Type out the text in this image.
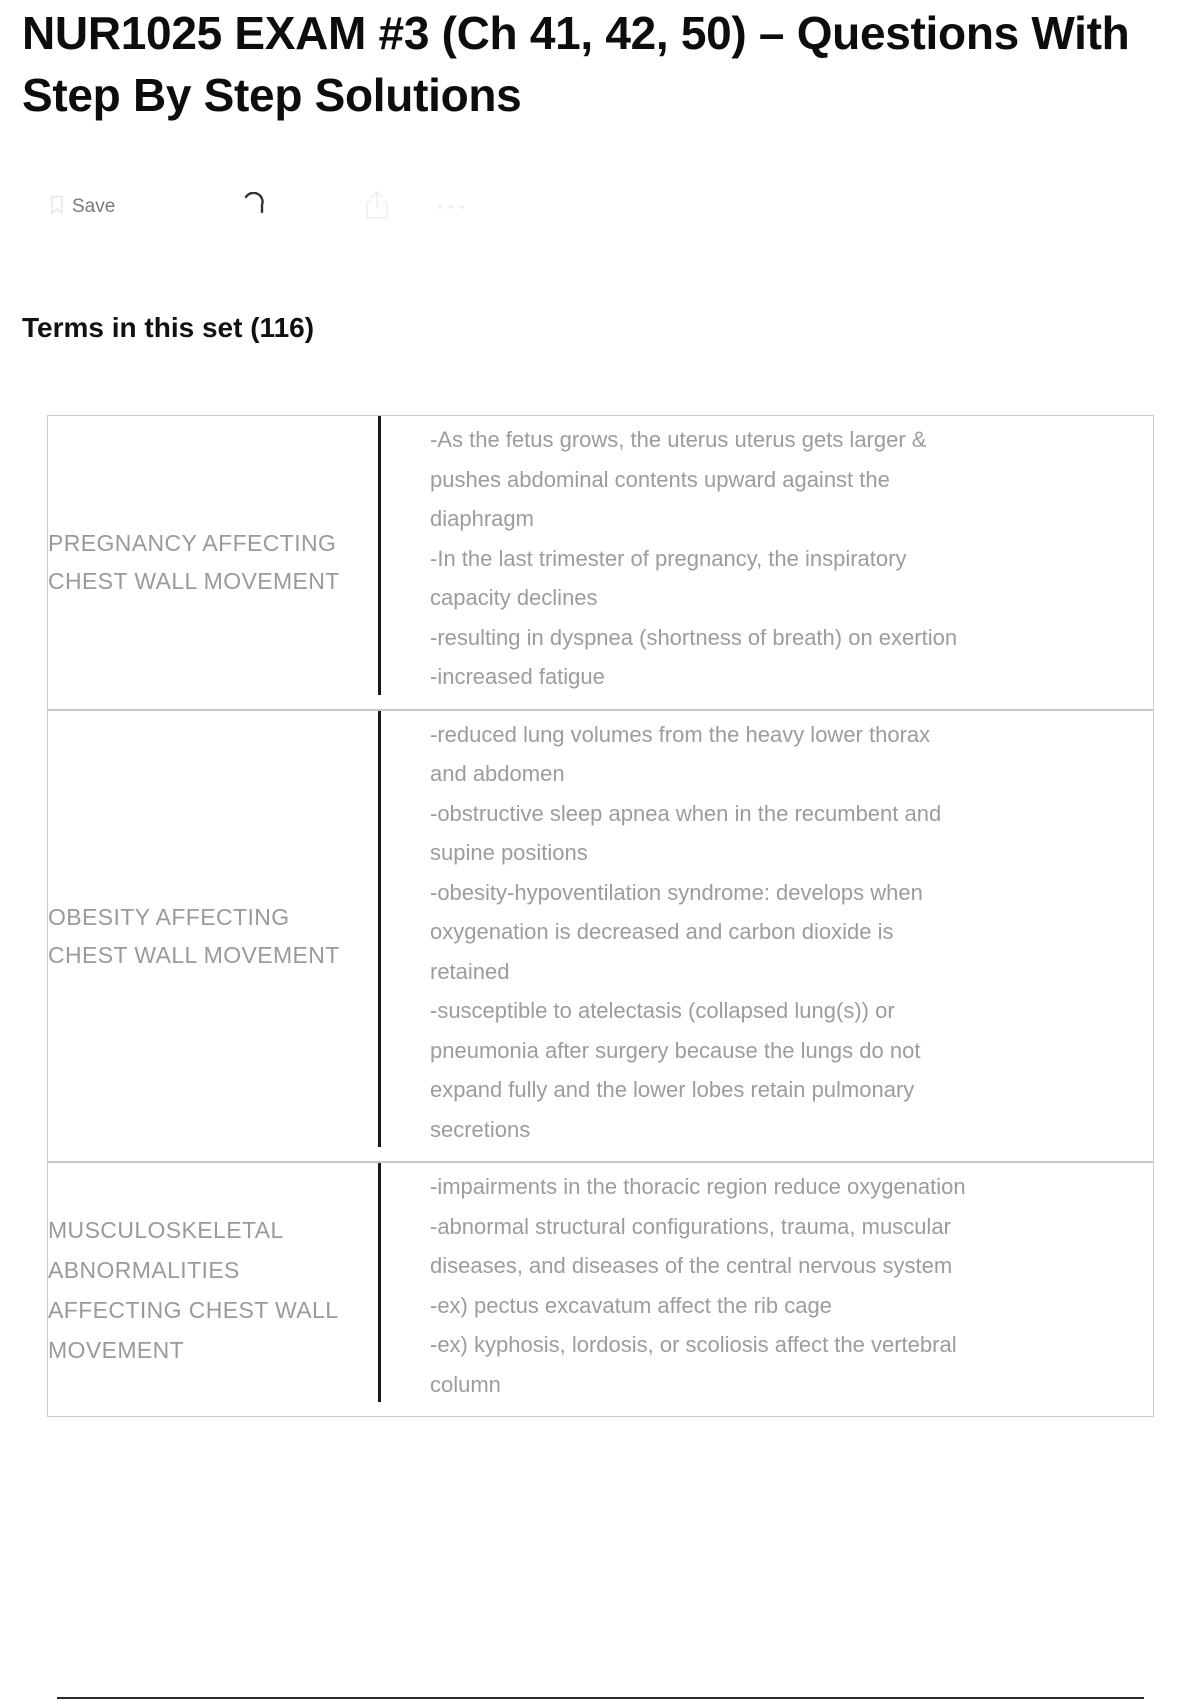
NUR1025 EXAM #3 (Ch 41, 42, 50) – Questions With Step By Step Solutions
Save
Terms in this set (116)
PREGNANCY AFFECTING
CHEST WALL MOVEMENT
-As the fetus grows, the uterus uterus gets larger &
pushes abdominal contents upward against the
diaphragm
-In the last trimester of pregnancy, the inspiratory
capacity declines
-resulting in dyspnea (shortness of breath) on exertion
-increased fatigue
OBESITY AFFECTING
CHEST WALL MOVEMENT
-reduced lung volumes from the heavy lower thorax
and abdomen
-obstructive sleep apnea when in the recumbent and
supine positions
-obesity-hypoventilation syndrome: develops when
oxygenation is decreased and carbon dioxide is
retained
-susceptible to atelectasis (collapsed lung(s)) or
pneumonia after surgery because the lungs do not
expand fully and the lower lobes retain pulmonary
secretions
MUSCULOSKELETAL
ABNORMALITIES
AFFECTING CHEST WALL
MOVEMENT
-impairments in the thoracic region reduce oxygenation
-abnormal structural configurations, trauma, muscular
diseases, and diseases of the central nervous system
-ex) pectus excavatum affect the rib cage
-ex) kyphosis, lordosis, or scoliosis affect the vertebral
column
